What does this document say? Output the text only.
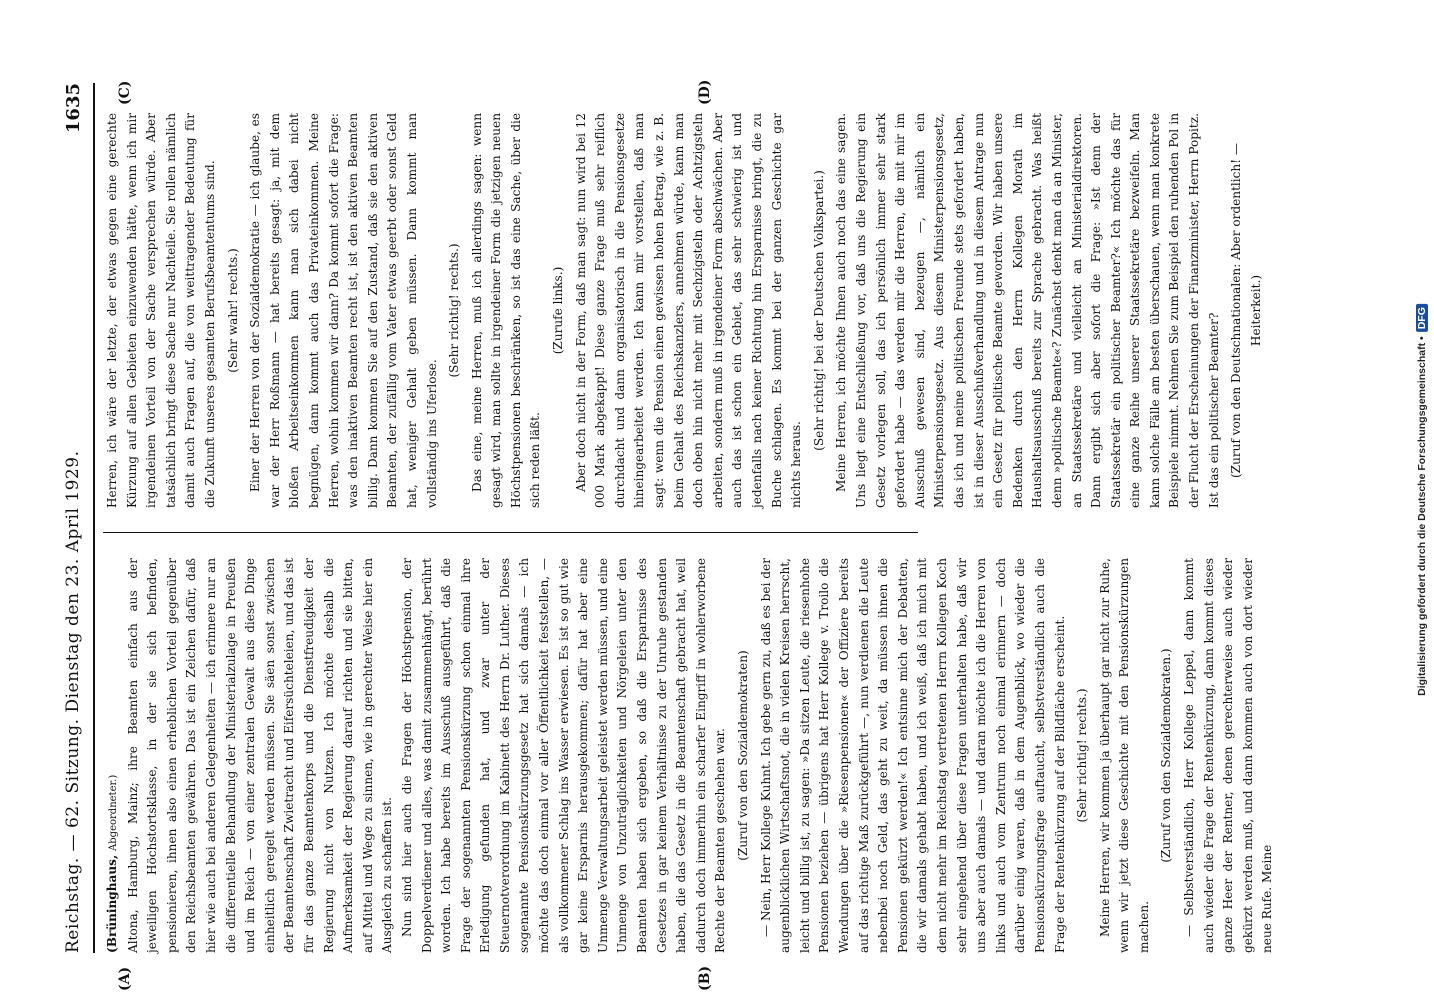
Reichstag. — 62. Sitzung. Dienstag den 23. April 1929.
1635

(Brüninghaus, Abgeordneter.) Altona, Hamburg, Mainz; ihre Beamten einfach aus der jeweiligen Höchstortsklasse, in der sie sich befinden, pensionieren, ihnen also einen erheblichen Vorteil gegenüber den Reichsbeamten gewähren. Das ist ein Zeichen dafür, daß hier wie auch bei anderen Gelegenheiten — ich erinnere nur an die differentielle Behandlung der Ministerialzulage in Preußen und im Reich — von einer zentralen Gewalt aus diese Dinge einheitlich geregelt werden müssen. Sie säen sonst zwischen der Beamtenschaft Zwietracht und Eifersüchteleien, und das ist für das ganze Beamtenkorps und die Dienstfreudigkeit der Regierung nicht von Nutzen. Ich möchte deshalb die Aufmerksamkeit der Regierung darauf richten und sie bitten, auf Mittel und Wege zu sinnen, wie in gerechter Weise hier ein Ausgleich zu schaffen ist. Nun sind hier auch die Fragen der Höchstpension, der Doppelverdiener und alles, was damit zusammenhängt, berührt worden. Ich habe bereits im Ausschuß ausgeführt, daß die Frage der sogenannten Pensionskürzung schon einmal ihre Erledigung gefunden hat, und zwar unter der Steuernotverordnung im Kabinett des Herrn Dr. Luther. Dieses sogenannte Pensionskürzungsgesetz hat sich damals — ich möchte das doch einmal vor aller Öffentlichkeit feststellen, — als vollkommener Schlag ins Wasser erwiesen. Es ist so gut wie gar keine Ersparnis herausgekommen; dafür hat aber eine Unmenge Verwaltungsarbeit geleistet werden müssen, und eine Unmenge von Unzuträglichkeiten und Nörgeleien unter den Beamten haben sich ergeben, so daß die Ersparnisse des Gesetzes in gar keinem Verhältnisse zu der Unruhe gestanden haben, die das Gesetz in die Beamtenschaft gebracht hat, weil dadurch doch immerhin ein scharfer Eingriff in wohlerworbene Rechte der Beamten geschehen war. (Zuruf von den Sozialdemokraten) — Nein, Herr Kollege Kuhnt. Ich gebe gern zu, daß es bei der augenblicklichen Wirtschaftsnot, die in vielen Kreisen herrscht, leicht und billig ist, zu sagen: »Da sitzen Leute, die riesenhohe Pensionen beziehen — übrigens hat Herr Kollege v. Troilo die Wendungen über die »Riesenpensionen« der Offiziere bereits auf das richtige Maß zurückgeführt —, nun verdienen die Leute nebenbei noch Geld, das geht zu weit, da müssen ihnen die Pensionen gekürzt werden!« Ich entsinne mich der Debatten, die wir damals gehabt haben, und ich weiß, daß ich mich mit dem nicht mehr im Reichstag vertretenen Herrn Kollegen Koch sehr eingehend über diese Fragen unterhalten habe, daß wir uns aber auch damals — und daran möchte ich die Herren von links und auch vom Zentrum noch einmal erinnern — doch darüber einig waren, daß in dem Augenblick, wo wieder die Pensionskürzungsfrage auftaucht, selbstverständlich auch die Frage der Rentenkürzung auf der Bildfläche erscheint. (Sehr richtig! rechts.) Meine Herren, wir kommen ja überhaupt gar nicht zur Ruhe, wenn wir jetzt diese Geschichte mit den Pensionskürzungen machen.

(Zuruf von den Sozialdemokraten.) — Selbstverständlich, Herr Kollege Leppel, dann kommt auch wieder die Frage der Rentenkürzung, dann kommt dieses ganze Heer der Rentner, denen gerechterweise auch wieder gekürzt werden muß, und dann kommen auch von dort wieder neue Rufe. Meine

Herren, ich wäre der letzte, der etwas gegen eine gerechte Kürzung auf allen Gebieten einzuwenden hätte, wenn ich mir irgendeinen Vorteil von der Sache versprechen würde. Aber tatsächlich bringt diese Sache nur Nachteile. Sie rollen nämlich damit auch Fragen auf, die von weittragender Bedeutung für die Zukunft unseres gesamten Berufsbeamtentums sind. (Sehr wahr! rechts.) Einer der Herren von der Sozialdemokratie — ich glaube, es war der Herr Roßmann — hat bereits gesagt: ja, mit dem bloßen Arbeitseinkommen kann man sich dabei nicht begnügen, dann kommt auch das Privateinkommen. Meine Herren, wohin kommen wir dann? Da kommt sofort die Frage: was den inaktiven Beamten recht ist, ist den aktiven Beamten billig. Dann kommen Sie auf den Zustand, daß sie den aktiven Beamten, der zufällig vom Vater etwas geerbt oder sonst Geld hat, weniger Gehalt geben müssen. Dann kommt man vollständig ins Uferlose.

(Sehr richtig! rechts.) Das eine, meine Herren, muß ich allerdings sagen: wenn gesagt wird, man sollte in irgendeiner Form die jetzigen neuen Höchstpensionen beschränken, so ist das eine Sache, über die sich reden läßt.

(Zurufe links.) Aber doch nicht in der Form, daß man sagt: nun wird bei 12 000 Mark abgekappt! Diese ganze Frage muß sehr reiflich durchdacht und dann organisatorisch in die Pensionsgesetze hineingearbeitet werden. Ich kann mir vorstellen, daß man sagt: wenn die Pension einen gewissen hohen Betrag, wie z. B. beim Gehalt des Reichskanzlers, annehmen würde, kann man doch oben hin nicht mehr mit Sechzigsteln oder Achtzigsteln arbeiten, sondern muß in irgendeiner Form abschwächen. Aber auch das ist schon ein Gebiet, das sehr schwierig ist und jedenfalls nach keiner Richtung hin Ersparnisse bringt, die zu Buche schlagen. Es kommt bei der ganzen Geschichte gar nichts heraus.

(Sehr richtig! bei der Deutschen Volkspartei.) Meine Herren, ich möchte Ihnen auch noch das eine sagen. Uns liegt eine Entschließung vor, daß uns die Regierung ein Gesetz vorlegen soll, das ich persönlich immer sehr stark gefordert habe — das werden mir die Herren, die mit mir im Ausschuß gewesen sind, bezeugen —, nämlich ein Ministerpensionsgesetz. Aus diesem Ministerpensionsgesetz, das ich und meine politischen Freunde stets gefordert haben, ist in dieser Ausschußverhandlung und in diesem Antrage nun ein Gesetz für politische Beamte geworden. Wir haben unsere Bedenken durch den Herrn Kollegen Morath im Haushaltsausschuß bereits zur Sprache gebracht. Was heißt denn »politische Beamte«? Zunächst denkt man da an Minister, an Staatssekretäre und vielleicht an Ministerialdirektoren. Dann ergibt sich aber sofort die Frage: »Ist denn der Staatssekretär ein politischer Beamter?« Ich möchte das für eine ganze Reihe unserer Staatssekretäre bezweifeln. Man kann solche Fälle am besten überschauen, wenn man konkrete Beispiele nimmt. Nehmen Sie zum Beispiel den ruhenden Pol in der Flucht der Erscheinungen der Finanzminister, Herrn Popitz. Ist das ein politischer Beamter? (Zuruf von den Deutschnationalen: Aber ordentlich! — Heiterkeit.)

(A)	(B)
(C)	(D)
Digitalisierung gefördert durch die Deutsche Forschungsgemeinschaft •DFG
